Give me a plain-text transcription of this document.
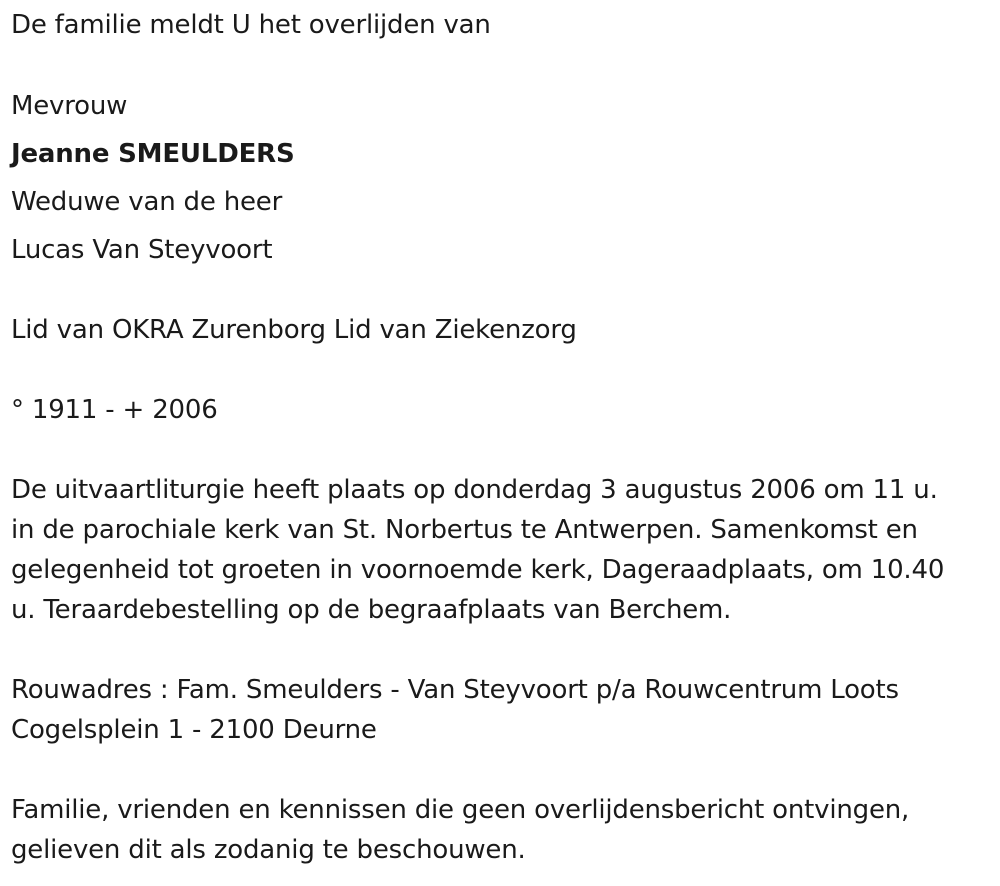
De familie meldt U het overlijden van
Mevrouw
Jeanne SMEULDERS
Weduwe van de heer
Lucas Van Steyvoort
Lid van OKRA Zurenborg Lid van Ziekenzorg
° 1911 - + 2006
De uitvaartliturgie heeft plaats op donderdag 3 augustus 2006 om 11 u.
in de parochiale kerk van St. Norbertus te Antwerpen. Samenkomst en
gelegenheid tot groeten in voornoemde kerk, Dageraadplaats, om 10.40
u. Teraardebestelling op de begraafplaats van Berchem.
Rouwadres : Fam. Smeulders - Van Steyvoort p/a Rouwcentrum Loots
Cogelsplein 1 - 2100 Deurne
Familie, vrienden en kennissen die geen overlijdensbericht ontvingen,
gelieven dit als zodanig te beschouwen.
